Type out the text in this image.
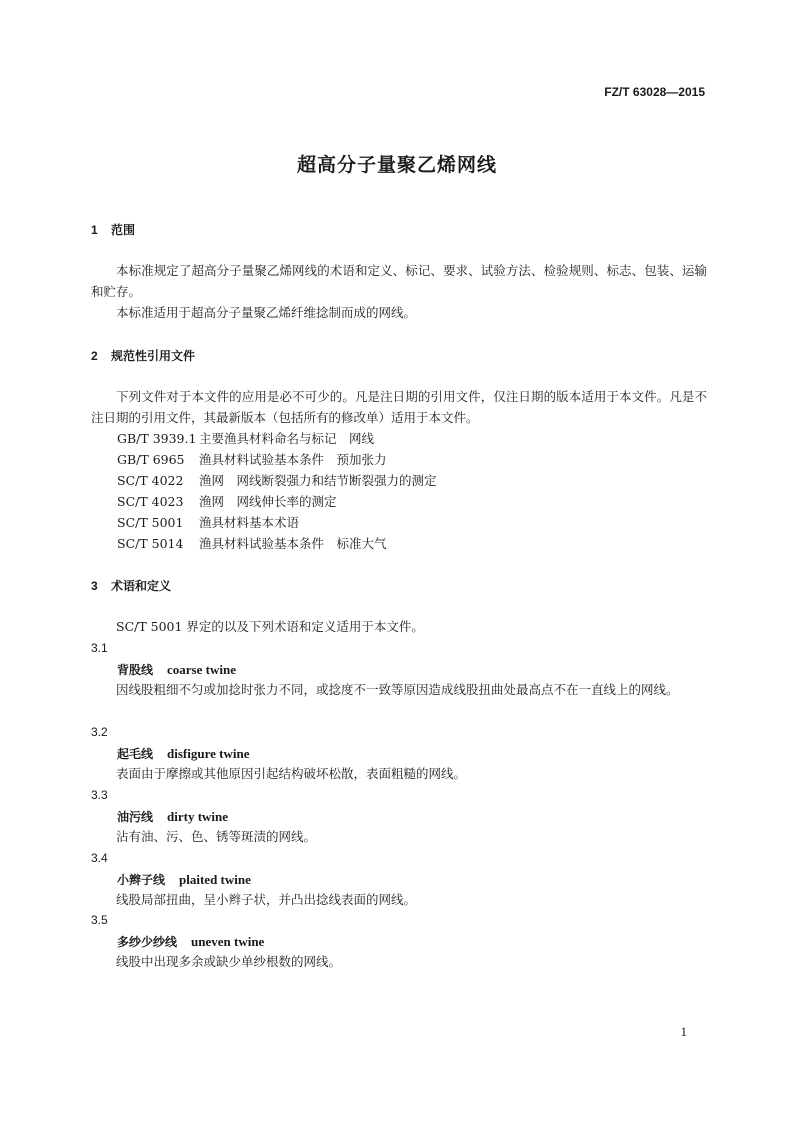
FZ/T 63028—2015
超高分子量聚乙烯网线
1 范围

本标准规定了超高分子量聚乙烯网线的术语和定义、标记、要求、试验方法、检验规则、标志、包装、运输和贮存。

本标准适用于超高分子量聚乙烯纤维捻制而成的网线。

2 规范性引用文件

下列文件对于本文件的应用是必不可少的。凡是注日期的引用文件，仅注日期的版本适用于本文件。凡是不注日期的引用文件，其最新版本（包括所有的修改单）适用于本文件。

GB/T 3939.1 主要渔具材料命名与标记　网线
GB/T 6965 渔具材料试验基本条件　预加张力
SC/T 4022 渔网　网线断裂强力和结节断裂强力的测定
SC/T 4023 渔网　网线伸长率的测定
SC/T 5001 渔具材料基本术语
SC/T 5014 渔具材料试验基本条件　标准大气
3 术语和定义

SC/T 5001 界定的以及下列术语和定义适用于本文件。

3.1
背股线 coarse twine

因线股粗细不匀或加捻时张力不同，或捻度不一致等原因造成线股扭曲处最高点不在一直线上的网线。

3.2
起毛线 disfigure twine

表面由于摩擦或其他原因引起结构破坏松散，表面粗糙的网线。

3.3
油污线 dirty twine

沾有油、污、色、锈等斑渍的网线。

3.4
小辫子线 plaited twine

线股局部扭曲，呈小辫子状，并凸出捻线表面的网线。

3.5
多纱少纱线 uneven twine

线股中出现多余或缺少单纱根数的网线。

1
